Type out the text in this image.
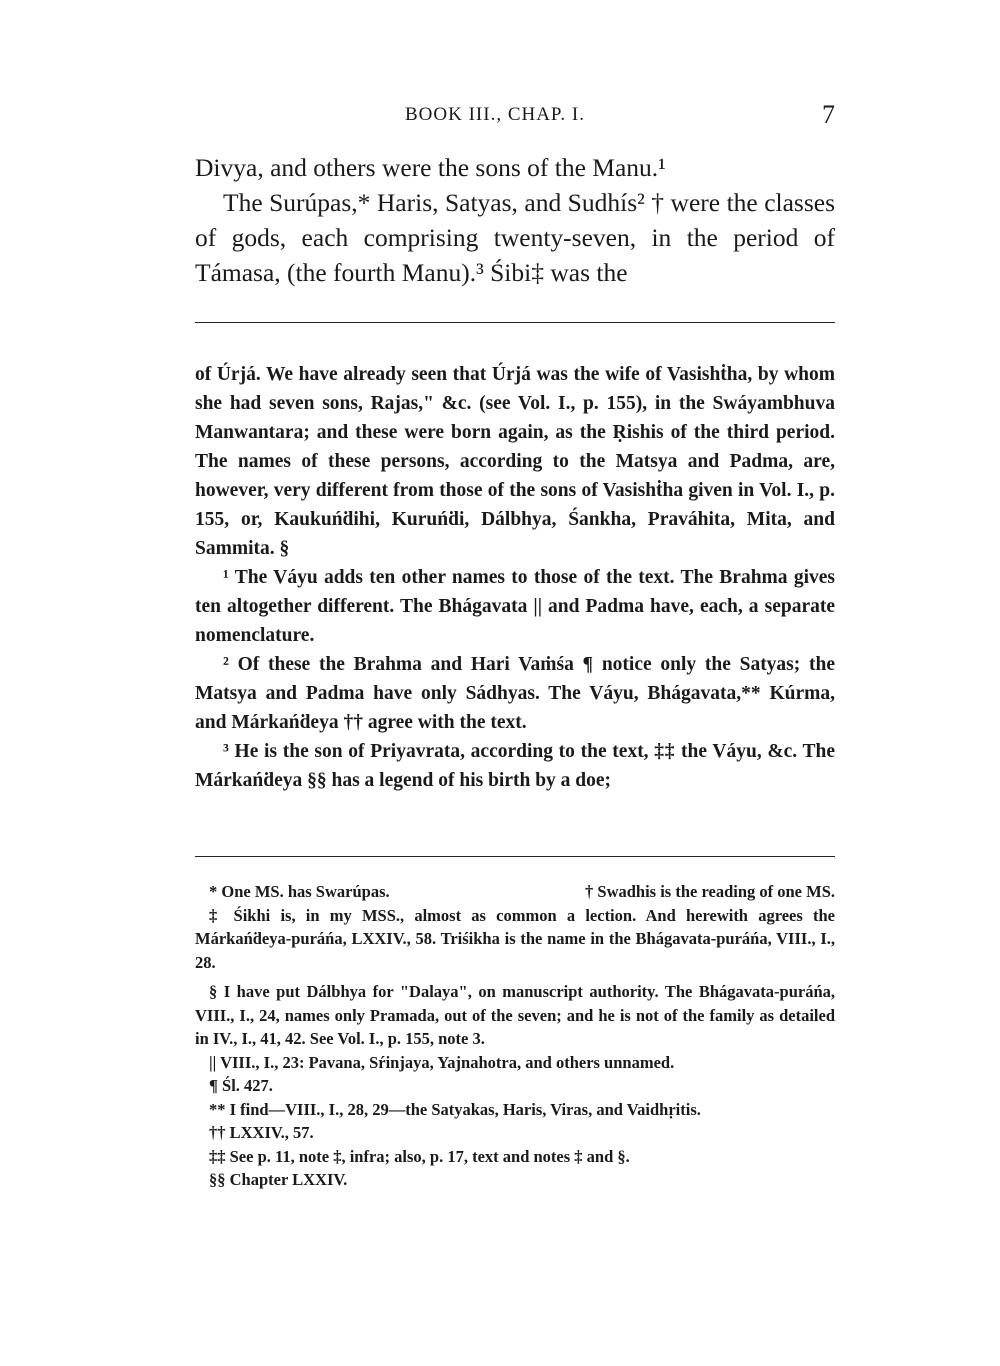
BOOK III., CHAP. I.	7

Divya, and others were the sons of the Manu.¹

The Surúpas,* Haris, Satyas, and Sudhís² † were the classes of gods, each comprising twenty-seven, in the period of Támasa, (the fourth Manu).³ Śibi‡ was the

of Úrjá. We have already seen that Úrjá was the wife of Vasishṫha, by whom she had seven sons, Rajas," &c. (see Vol. I., p. 155), in the Swáyambhuva Manwantara; and these were born again, as the Ṛishis of the third period. The names of these persons, according to the Matsya and Padma, are, however, very different from those of the sons of Vasishṫha given in Vol. I., p. 155, or, Kaukuńḋihi, Kuruńḋi, Dálbhya, Śankha, Praváhita, Mita, and Sammita. §

¹ The Váyu adds ten other names to those of the text. The Brahma gives ten altogether different. The Bhágavata || and Padma have, each, a separate nomenclature.

² Of these the Brahma and Hari Vaṁśa ¶ notice only the Satyas; the Matsya and Padma have only Sádhyas. The Váyu, Bhágavata,** Kúrma, and Márkańḋeya †† agree with the text.

³ He is the son of Priyavrata, according to the text, ‡‡ the Váyu, &c. The Márkańḋeya §§ has a legend of his birth by a doe;

* One MS. has Swarúpas.	† Swadhis is the reading of one MS.

‡ Śikhi is, in my MSS., almost as common a lection. And herewith agrees the Márkańḋeya-puráńa, LXXIV., 58. Triśikha is the name in the Bhágavata-puráńa, VIII., I., 28.

§ I have put Dálbhya for "Dalaya", on manuscript authority. The Bhágavata-puráńa, VIII., I., 24, names only Pramada, out of the seven; and he is not of the family as detailed in IV., I., 41, 42. See Vol. I., p. 155, note 3.

|| VIII., I., 23: Pavana, Sŕinjaya, Yajnahotra, and others unnamed.

¶ Śl. 427.

** I find—VIII., I., 28, 29—the Satyakas, Haris, Viras, and Vaidhṛitis.

†† LXXIV., 57.

‡‡ See p. 11, note ‡, infra; also, p. 17, text and notes ‡ and §.

§§ Chapter LXXIV.
